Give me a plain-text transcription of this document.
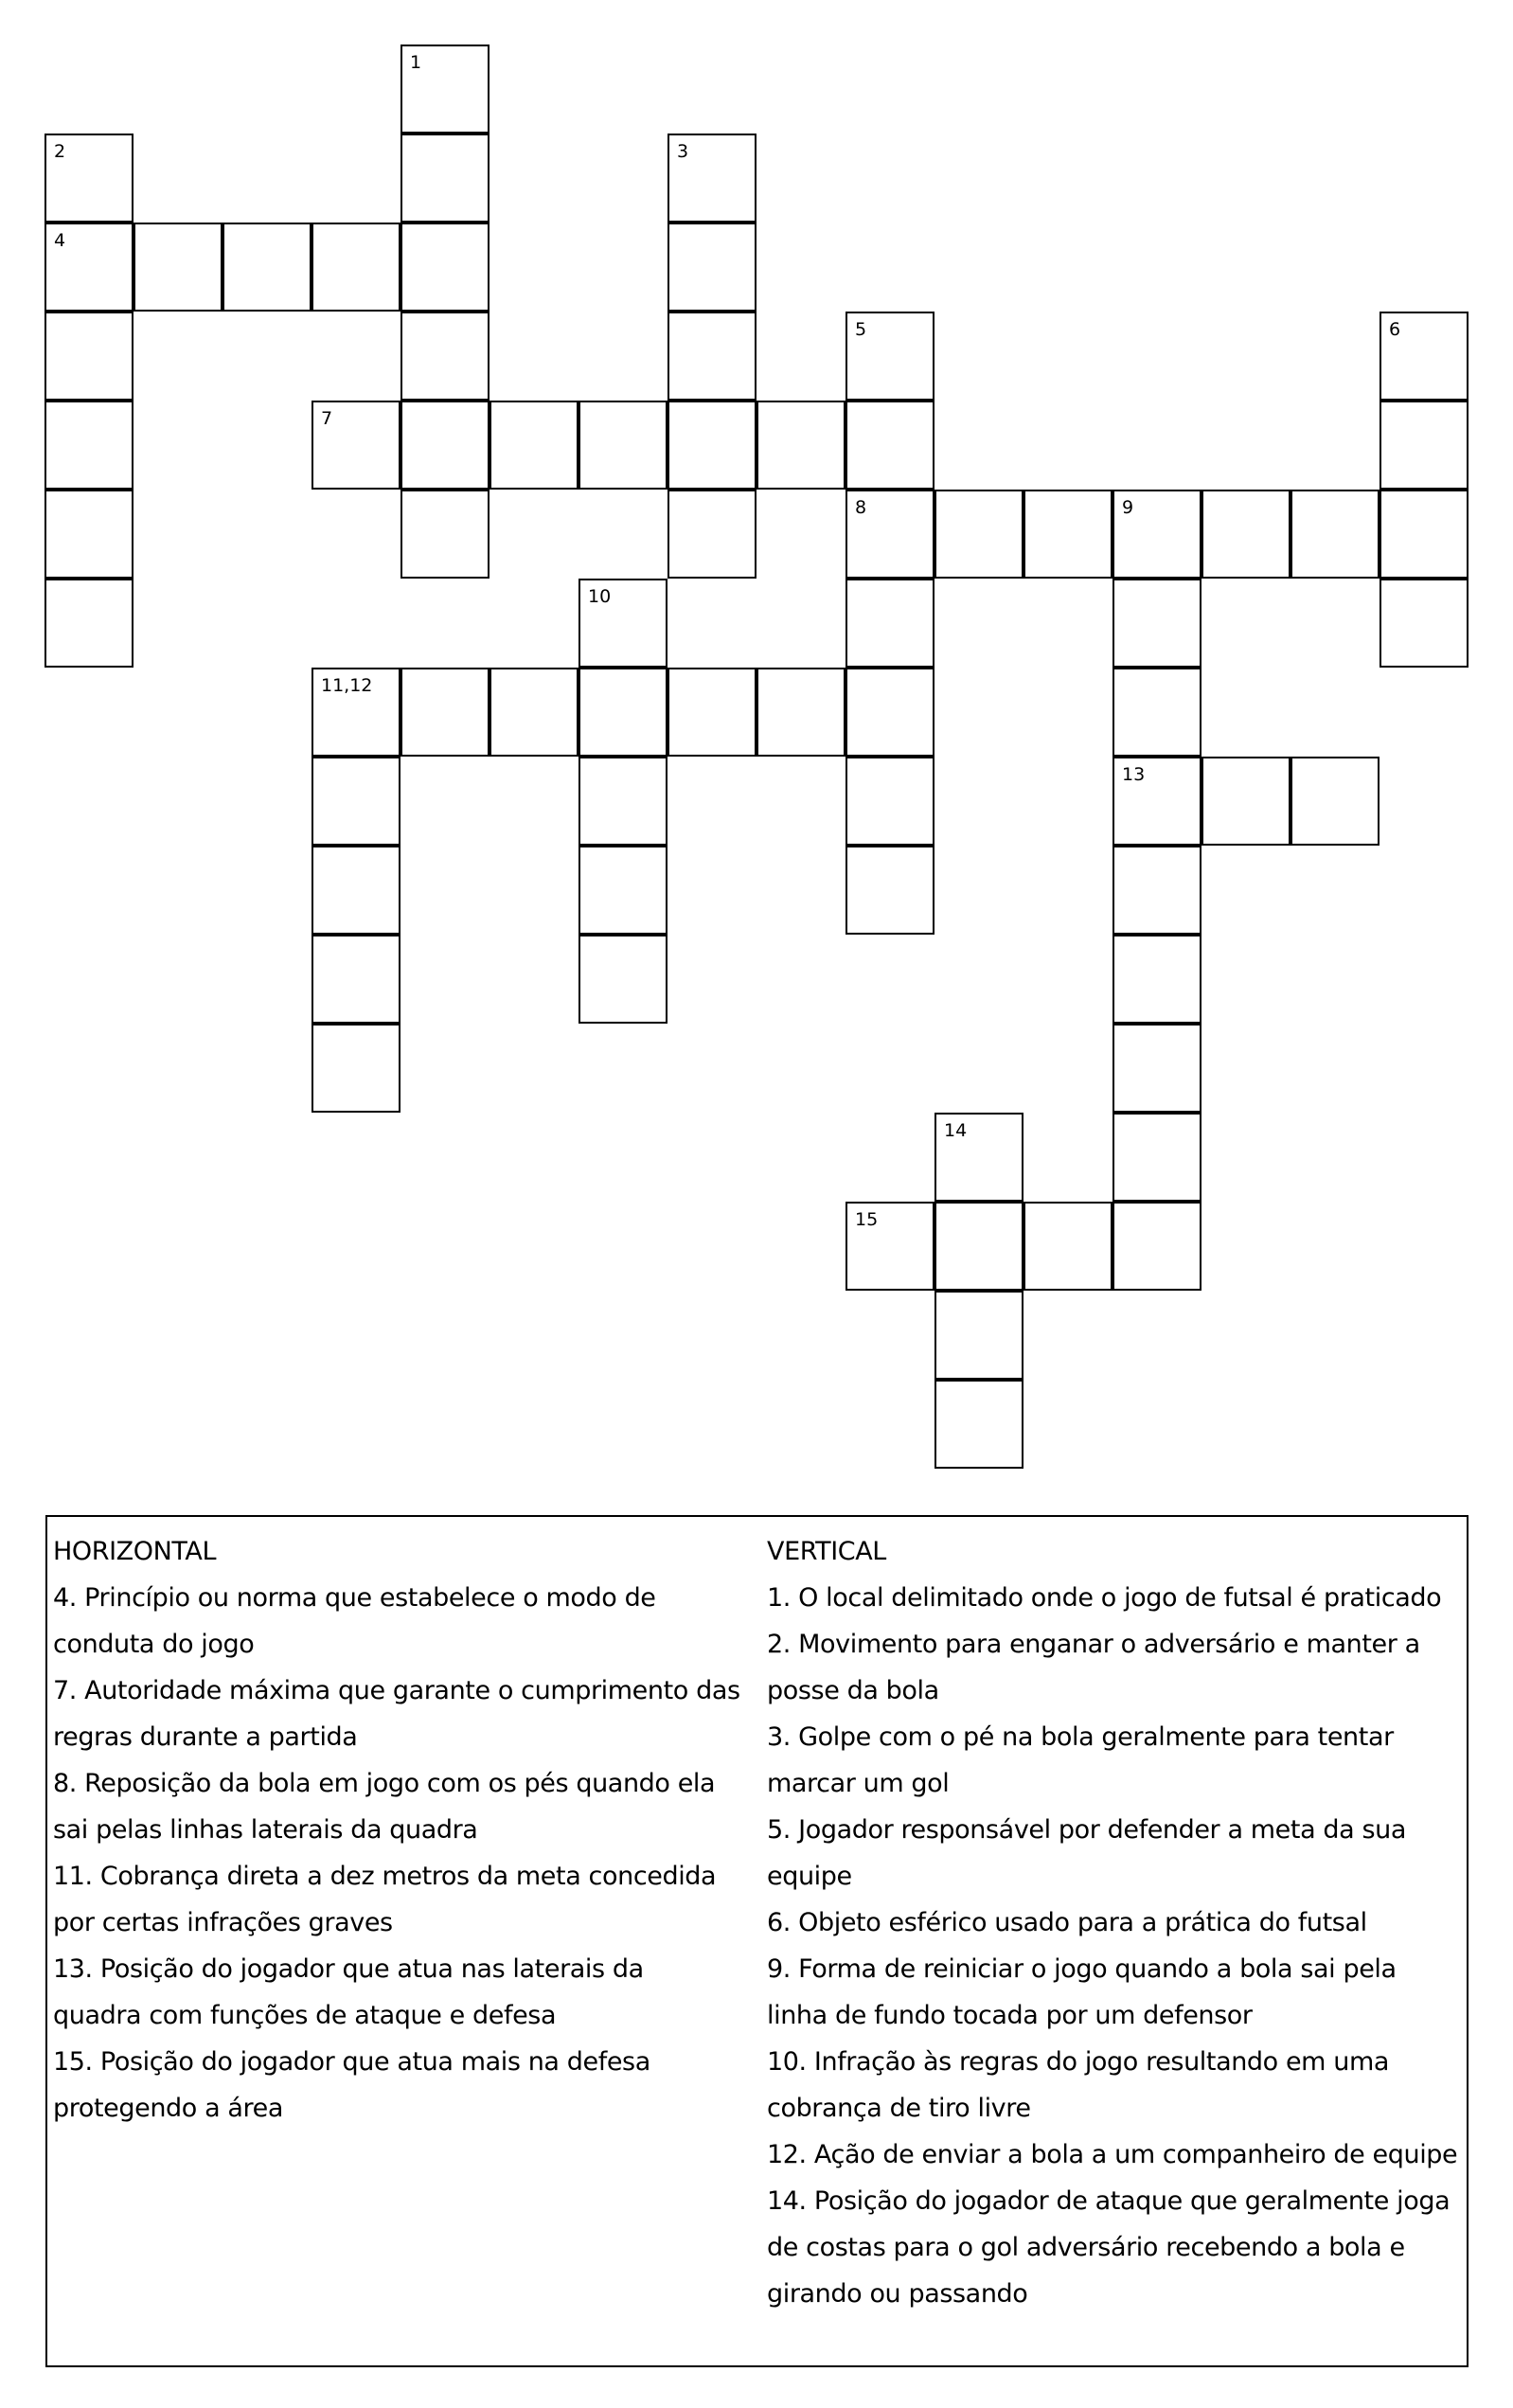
1
2	3
4
5	6
7
8	9
10
11,12
13
14
15

HORIZONTAL

4. Princípio ou norma que estabelece o modo de

conduta do jogo

7. Autoridade máxima que garante o cumprimento das

regras durante a partida

8. Reposição da bola em jogo com os pés quando ela

sai pelas linhas laterais da quadra

11. Cobrança direta a dez metros da meta concedida

por certas infrações graves

13. Posição do jogador que atua nas laterais da

quadra com funções de ataque e defesa

15. Posição do jogador que atua mais na defesa

protegendo a área

VERTICAL

1. O local delimitado onde o jogo de futsal é praticado

2. Movimento para enganar o adversário e manter a

posse da bola

3. Golpe com o pé na bola geralmente para tentar

marcar um gol

5. Jogador responsável por defender a meta da sua

equipe

6. Objeto esférico usado para a prática do futsal

9. Forma de reiniciar o jogo quando a bola sai pela

linha de fundo tocada por um defensor

10. Infração às regras do jogo resultando em uma

cobrança de tiro livre

12. Ação de enviar a bola a um companheiro de equipe

14. Posição do jogador de ataque que geralmente joga

de costas para o gol adversário recebendo a bola e

girando ou passando
